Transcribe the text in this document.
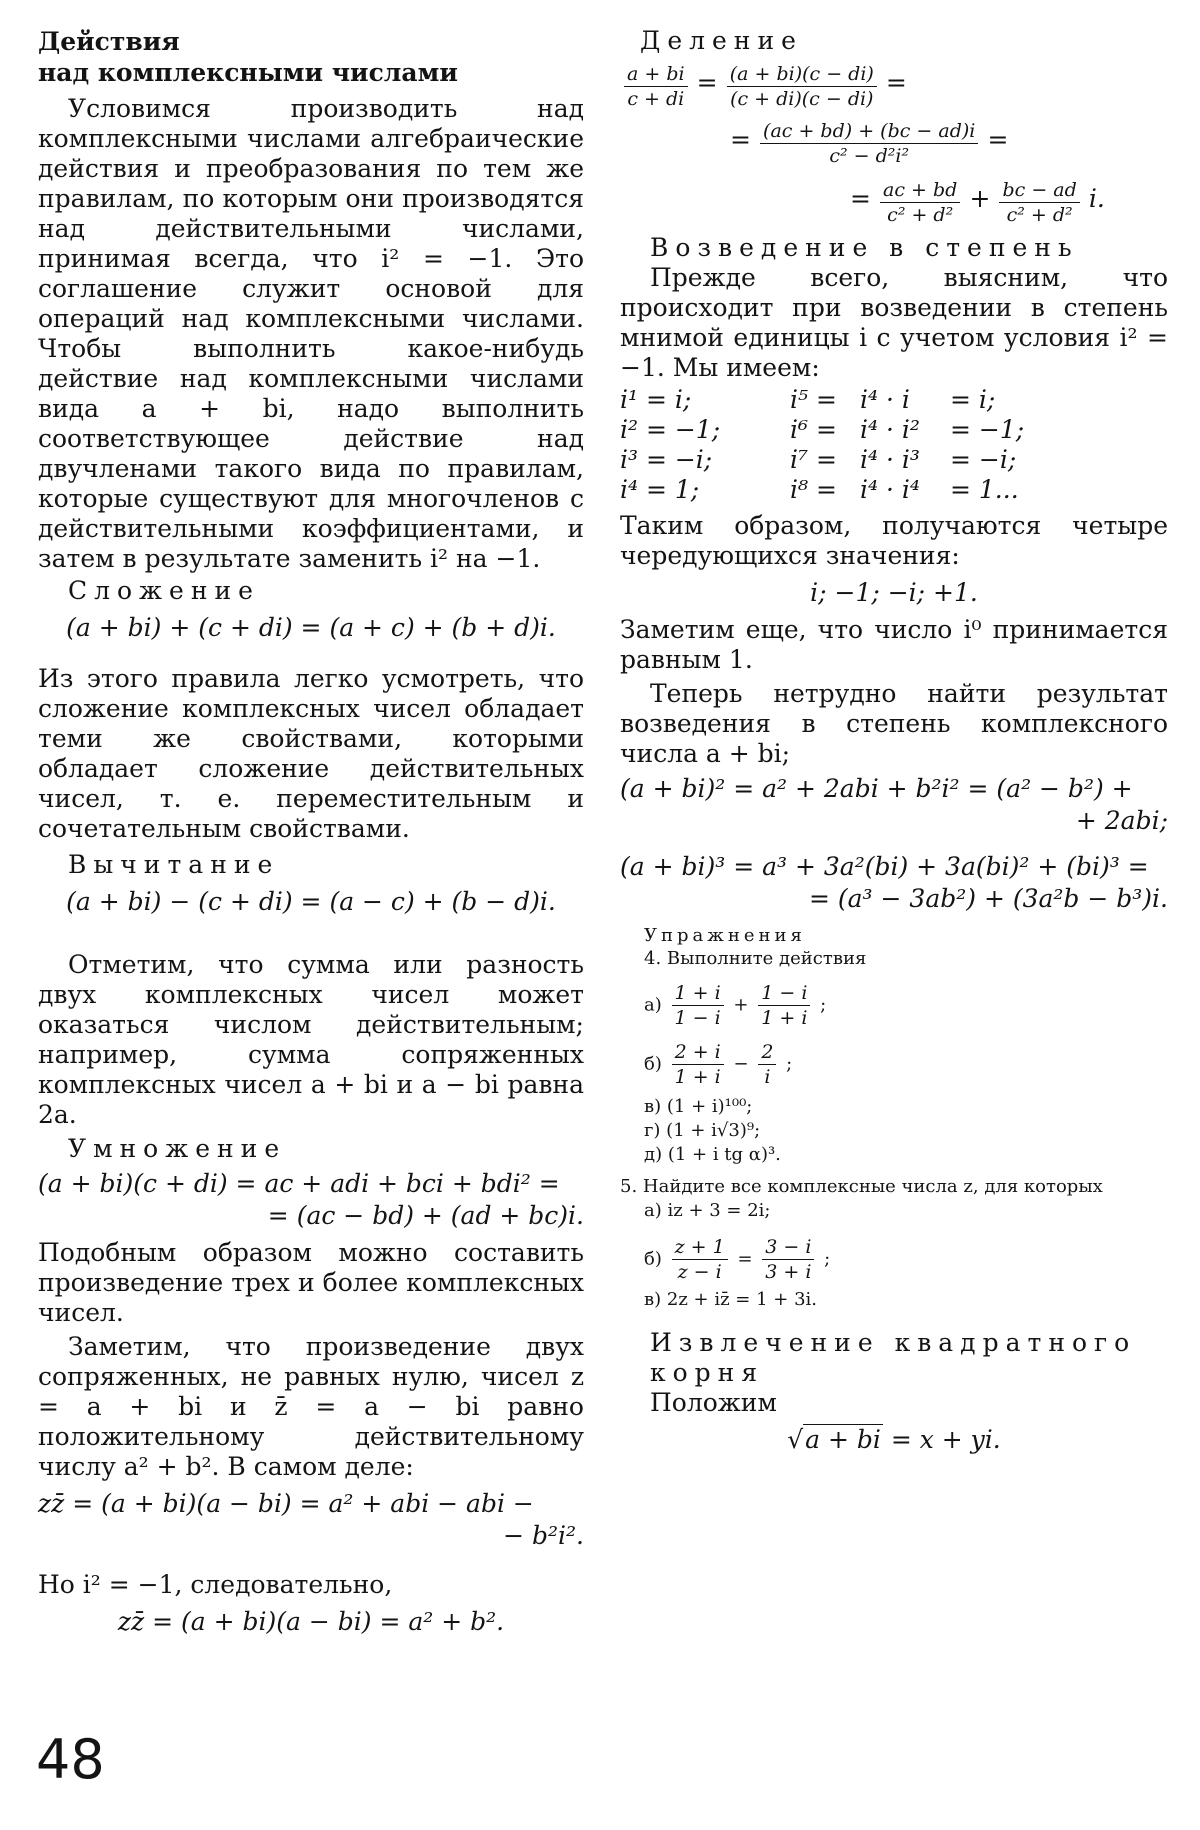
Действия
над комплексными числами

Условимся производить над комплексными числами алгебраические действия и преобразования по тем же правилам, по которым они производятся над действительными числами, принимая всегда, что i² = −1. Это соглашение служит основой для операций над комплексными числами. Чтобы выполнить какое-нибудь действие над комплексными числами вида a + bi, надо выполнить соответствующее действие над двучленами такого вида по правилам, которые существуют для многочленов с действительными коэффициентами, и затем в результате заменить i² на −1.

Сложение
(a + bi) + (c + di) = (a + c) + (b + d)i.

Из этого правила легко усмотреть, что сложение комплексных чисел обладает теми же свойствами, которыми обладает сложение действительных чисел, т. е. переместительным и сочетательным свойствами.

Вычитание
(a + bi) − (c + di) = (a − c) + (b − d)i.

Отметим, что сумма или разность двух комплексных чисел может оказаться числом действительным; например, сумма сопряженных комплексных чисел a + bi и a − bi равна 2a.

Умножение
(a + bi)(c + di) = ac + adi + bci + bdi² =
= (ac − bd) + (ad + bc)i.

Подобным образом можно составить произведение трех и более комплексных чисел.

Заметим, что произведение двух сопряженных, не равных нулю, чисел z = a + bi и z̄ = a − bi равно положительному действительному числу a² + b². В самом деле:

zz̄ = (a + bi)(a − bi) = a² + abi − abi −
− b²i².

Но i² = −1, следовательно,

zz̄ = (a + bi)(a − bi) = a² + b².
Деление
$\frac{a + bi}{c + di} = \frac{(a + bi)(c - di)}{(c + di)(c - di)}$ =
= $\frac{(ac + bd) + (bc - ad)i}{\text{c² − d²i²}}$ =
= $\frac{ac + bd}{\text{c² + d²}} + \frac{bc - ad}{\text{c² + d²}} i$.
Возведение в степень

Прежде всего, выясним, что происходит при возведении в степень мнимой единицы i с учетом условия i² = −1. Мы имеем:

i¹ = i;	i⁵ = i⁴ · i	= i;
i² = −1;	i⁶ = i⁴ · i²	= −1;
i³ = −i;	i⁷ = i⁴ · i³	= −i;
i⁴ = 1;	i⁸ = i⁴ · i⁴	= 1...

Таким образом, получаются четыре чередующихся значения:

i; −1; −i; +1.

Заметим еще, что число i⁰ принимается равным 1.

Теперь нетрудно найти результат возведения в степень комплексного числа a + bi;

(a + bi)² = a² + 2abi + b²i² = (a² − b²) +
+ 2abi;
(a + bi)³ = a³ + 3a²(bi) + 3a(bi)² + (bi)³ =
= (a³ − 3ab²) + (3a²b − b³)i.
Упражнения
4. Выполните действия
$а) \frac{1 + i}{1 - i} + \frac{1 - i}{1 + i}$ ;
$б) \frac{2 + i}{1 + i} - \frac{2}{i}$ ;
в) (1 + i)¹⁰⁰;
г) (1 + i√3)⁹;
д) (1 + i tg α)³.
5. Найдите все комплексные числа z, для которых
а) iz + 3 = 2i;
$б) \frac{z + 1}{z - i} = \frac{3 - i}{3 + i}$ ;
в) 2z + iz̄ = 1 + 3i.
Извлечение квадратного корня
Положим
√a + bi = x + yi.
48
